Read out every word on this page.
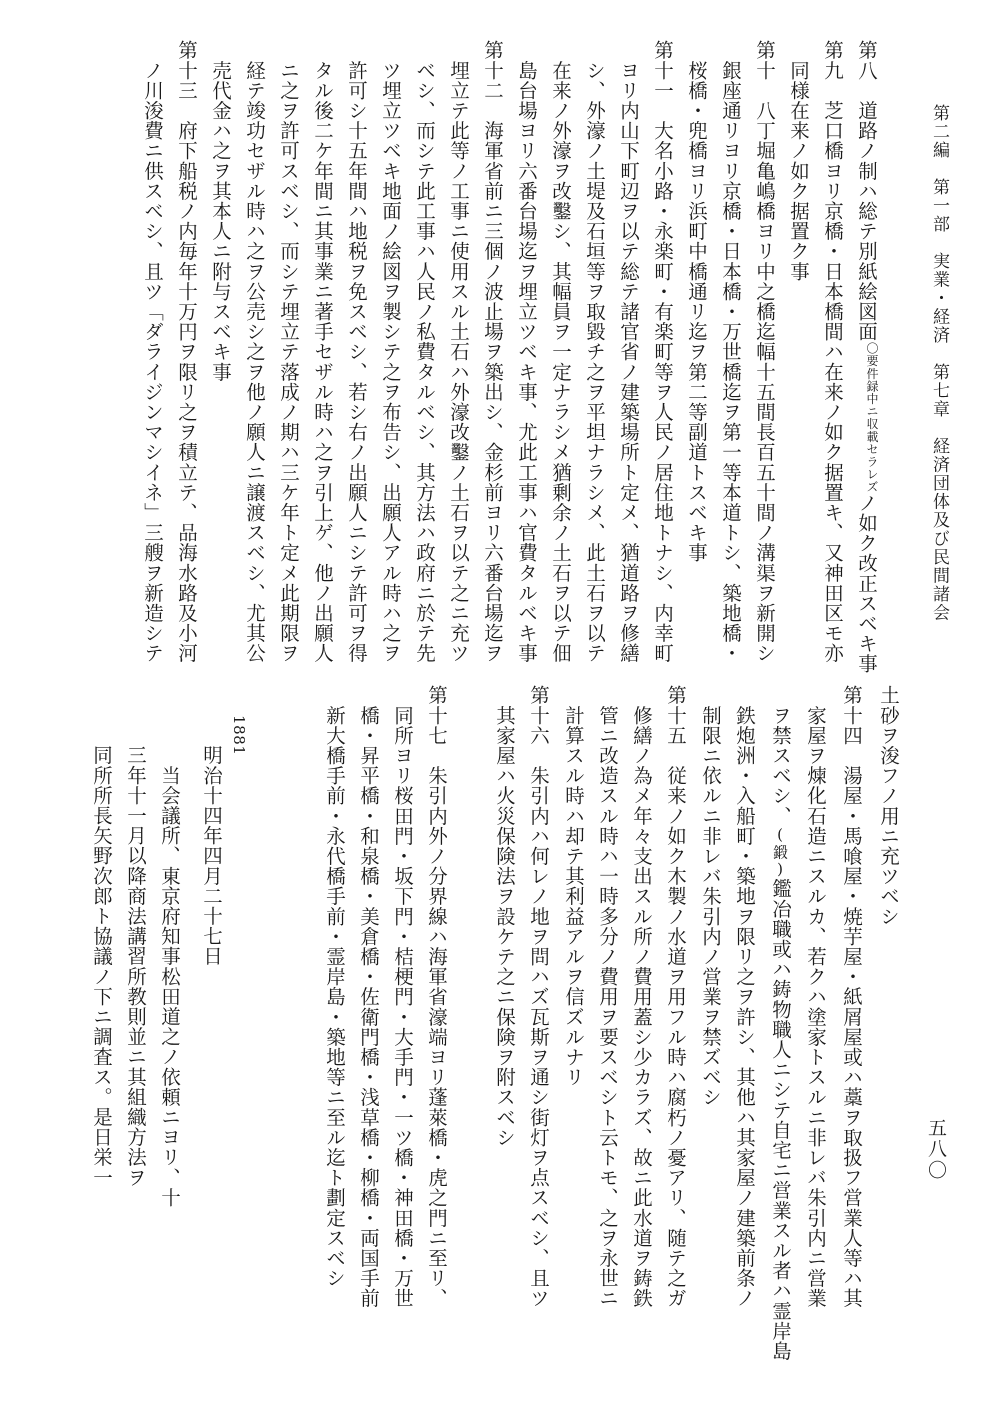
第二編　第一部　実業・経済　第七章　経済団体及び民間諸会
五八〇
第八　道路ノ制ハ総テ別紙絵図面〇要件録中ニ収載セラレズノ如ク改正スベキ事
第九　芝口橋ヨリ京橋・日本橋間ハ在来ノ如ク据置キ、又神田区モ亦
　同様在来ノ如ク据置ク事
第十　八丁堀亀嶋橋ヨリ中之橋迄幅十五間長百五十間ノ溝渠ヲ新開シ
　銀座通リヨリ京橋・日本橋・万世橋迄ヲ第一等本道トシ、築地橋・
　桜橋・兜橋ヨリ浜町中橋通リ迄ヲ第二等副道トスベキ事
第十一　大名小路・永楽町・有楽町等ヲ人民ノ居住地トナシ、内幸町
　ヨリ内山下町辺ヲ以テ総テ諸官省ノ建築場所ト定メ、猶道路ヲ修繕
　シ、外濠ノ土堤及石垣等ヲ取毀チ之ヲ平坦ナラシメ、此土石ヲ以テ
　在来ノ外濠ヲ改鑿シ、其幅員ヲ一定ナラシメ猶剰余ノ土石ヲ以テ佃
　島台場ヨリ六番台場迄ヲ埋立ツベキ事、尤此工事ハ官費タルベキ事
第十二　海軍省前ニ三個ノ波止場ヲ築出シ、金杉前ヨリ六番台場迄ヲ
　埋立テ此等ノ工事ニ使用スル土石ハ外濠改鑿ノ土石ヲ以テ之ニ充ツ
　ベシ、而シテ此工事ハ人民ノ私費タルベシ、其方法ハ政府ニ於テ先
　ツ埋立ツベキ地面ノ絵図ヲ製シテ之ヲ布告シ、出願人アル時ハ之ヲ
　許可シ十五年間ハ地税ヲ免スベシ、若シ右ノ出願人ニシテ許可ヲ得
　タル後二ケ年間ニ其事業ニ著手セザル時ハ之ヲ引上ゲ、他ノ出願人
　ニ之ヲ許可スベシ、而シテ埋立テ落成ノ期ハ三ケ年ト定メ此期限ヲ
　経テ竣功セザル時ハ之ヲ公売シ之ヲ他ノ願人ニ譲渡スベシ、尤其公
　売代金ハ之ヲ其本人ニ附与スベキ事
第十三　府下船税ノ内毎年十万円ヲ限リ之ヲ積立テ、品海水路及小河
　ノ川浚費ニ供スベシ、且ツ「ダライジンマシイネ」三艘ヲ新造シテ
土砂ヲ浚フノ用ニ充ツベシ
第十四　湯屋・馬喰屋・焼芋屋・紙屑屋或ハ藁ヲ取扱フ営業人等ハ其
　家屋ヲ煉化石造ニスルカ、若クハ塗家トスルニ非レバ朱引内ニ営業
　ヲ禁スベシ、(鍛)鑑冶職或ハ鋳物職人ニシテ自宅ニ営業スル者ハ霊岸島
　鉄炮洲・入船町・築地ヲ限リ之ヲ許シ、其他ハ其家屋ノ建築前条ノ
　制限ニ依ルニ非レバ朱引内ノ営業ヲ禁ズベシ
第十五　従来ノ如ク木製ノ水道ヲ用フル時ハ腐朽ノ憂アリ、随テ之ガ
　修繕ノ為メ年々支出スル所ノ費用蓋シ少カラズ、故ニ此水道ヲ鋳鉄
　管ニ改造スル時ハ一時多分ノ費用ヲ要スベシト云トモ、之ヲ永世ニ
　計算スル時ハ却テ其利益アルヲ信ズルナリ
第十六　朱引内ハ何レノ地ヲ問ハズ瓦斯ヲ通シ街灯ヲ点スベシ、且ツ
　其家屋ハ火災保険法ヲ設ケテ之ニ保険ヲ附スベシ
第十七　朱引内外ノ分界線ハ海軍省濠端ヨリ蓬萊橋・虎之門ニ至リ、
　同所ヨリ桜田門・坂下門・桔梗門・大手門・一ツ橋・神田橋・万世
　橋・昇平橋・和泉橋・美倉橋・佐衛門橋・浅草橋・柳橋・両国手前
　新大橋手前・永代橋手前・霊岸島・築地等ニ至ル迄ト劃定スベシ
1881
明治十四年四月二十七日
　当会議所、東京府知事松田道之ノ依頼ニヨリ、十
三年十一月以降商法講習所教則並ニ其組織方法ヲ
同所所長矢野次郎ト協議ノ下ニ調査ス。是日栄一
